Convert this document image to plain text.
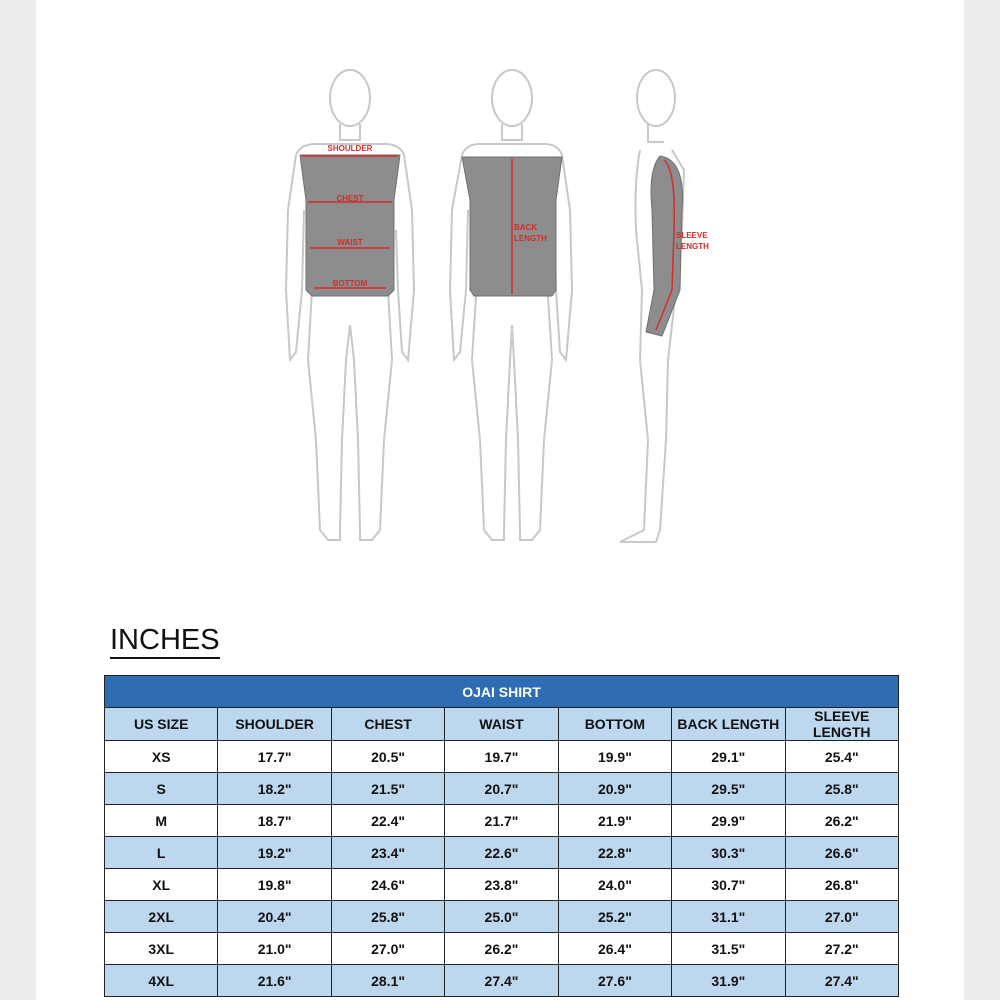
SHOULDER
CHEST
WAIST
BOTTOM
BACK
LENGTH	SLEEVE
LENGTH
INCHES
OJAI SHIRT						
US SIZE	SHOULDER	CHEST	WAIST	BOTTOM	BACK LENGTH	SLEEVE LENGTH
XS	17.7"	20.5"	19.7"	19.9"	29.1"	25.4"
S	18.2"	21.5"	20.7"	20.9"	29.5"	25.8"
M	18.7"	22.4"	21.7"	21.9"	29.9"	26.2"
L	19.2"	23.4"	22.6"	22.8"	30.3"	26.6"
XL	19.8"	24.6"	23.8"	24.0"	30.7"	26.8"
2XL	20.4"	25.8"	25.0"	25.2"	31.1"	27.0"
3XL	21.0"	27.0"	26.2"	26.4"	31.5"	27.2"
4XL	21.6"	28.1"	27.4"	27.6"	31.9"	27.4"
